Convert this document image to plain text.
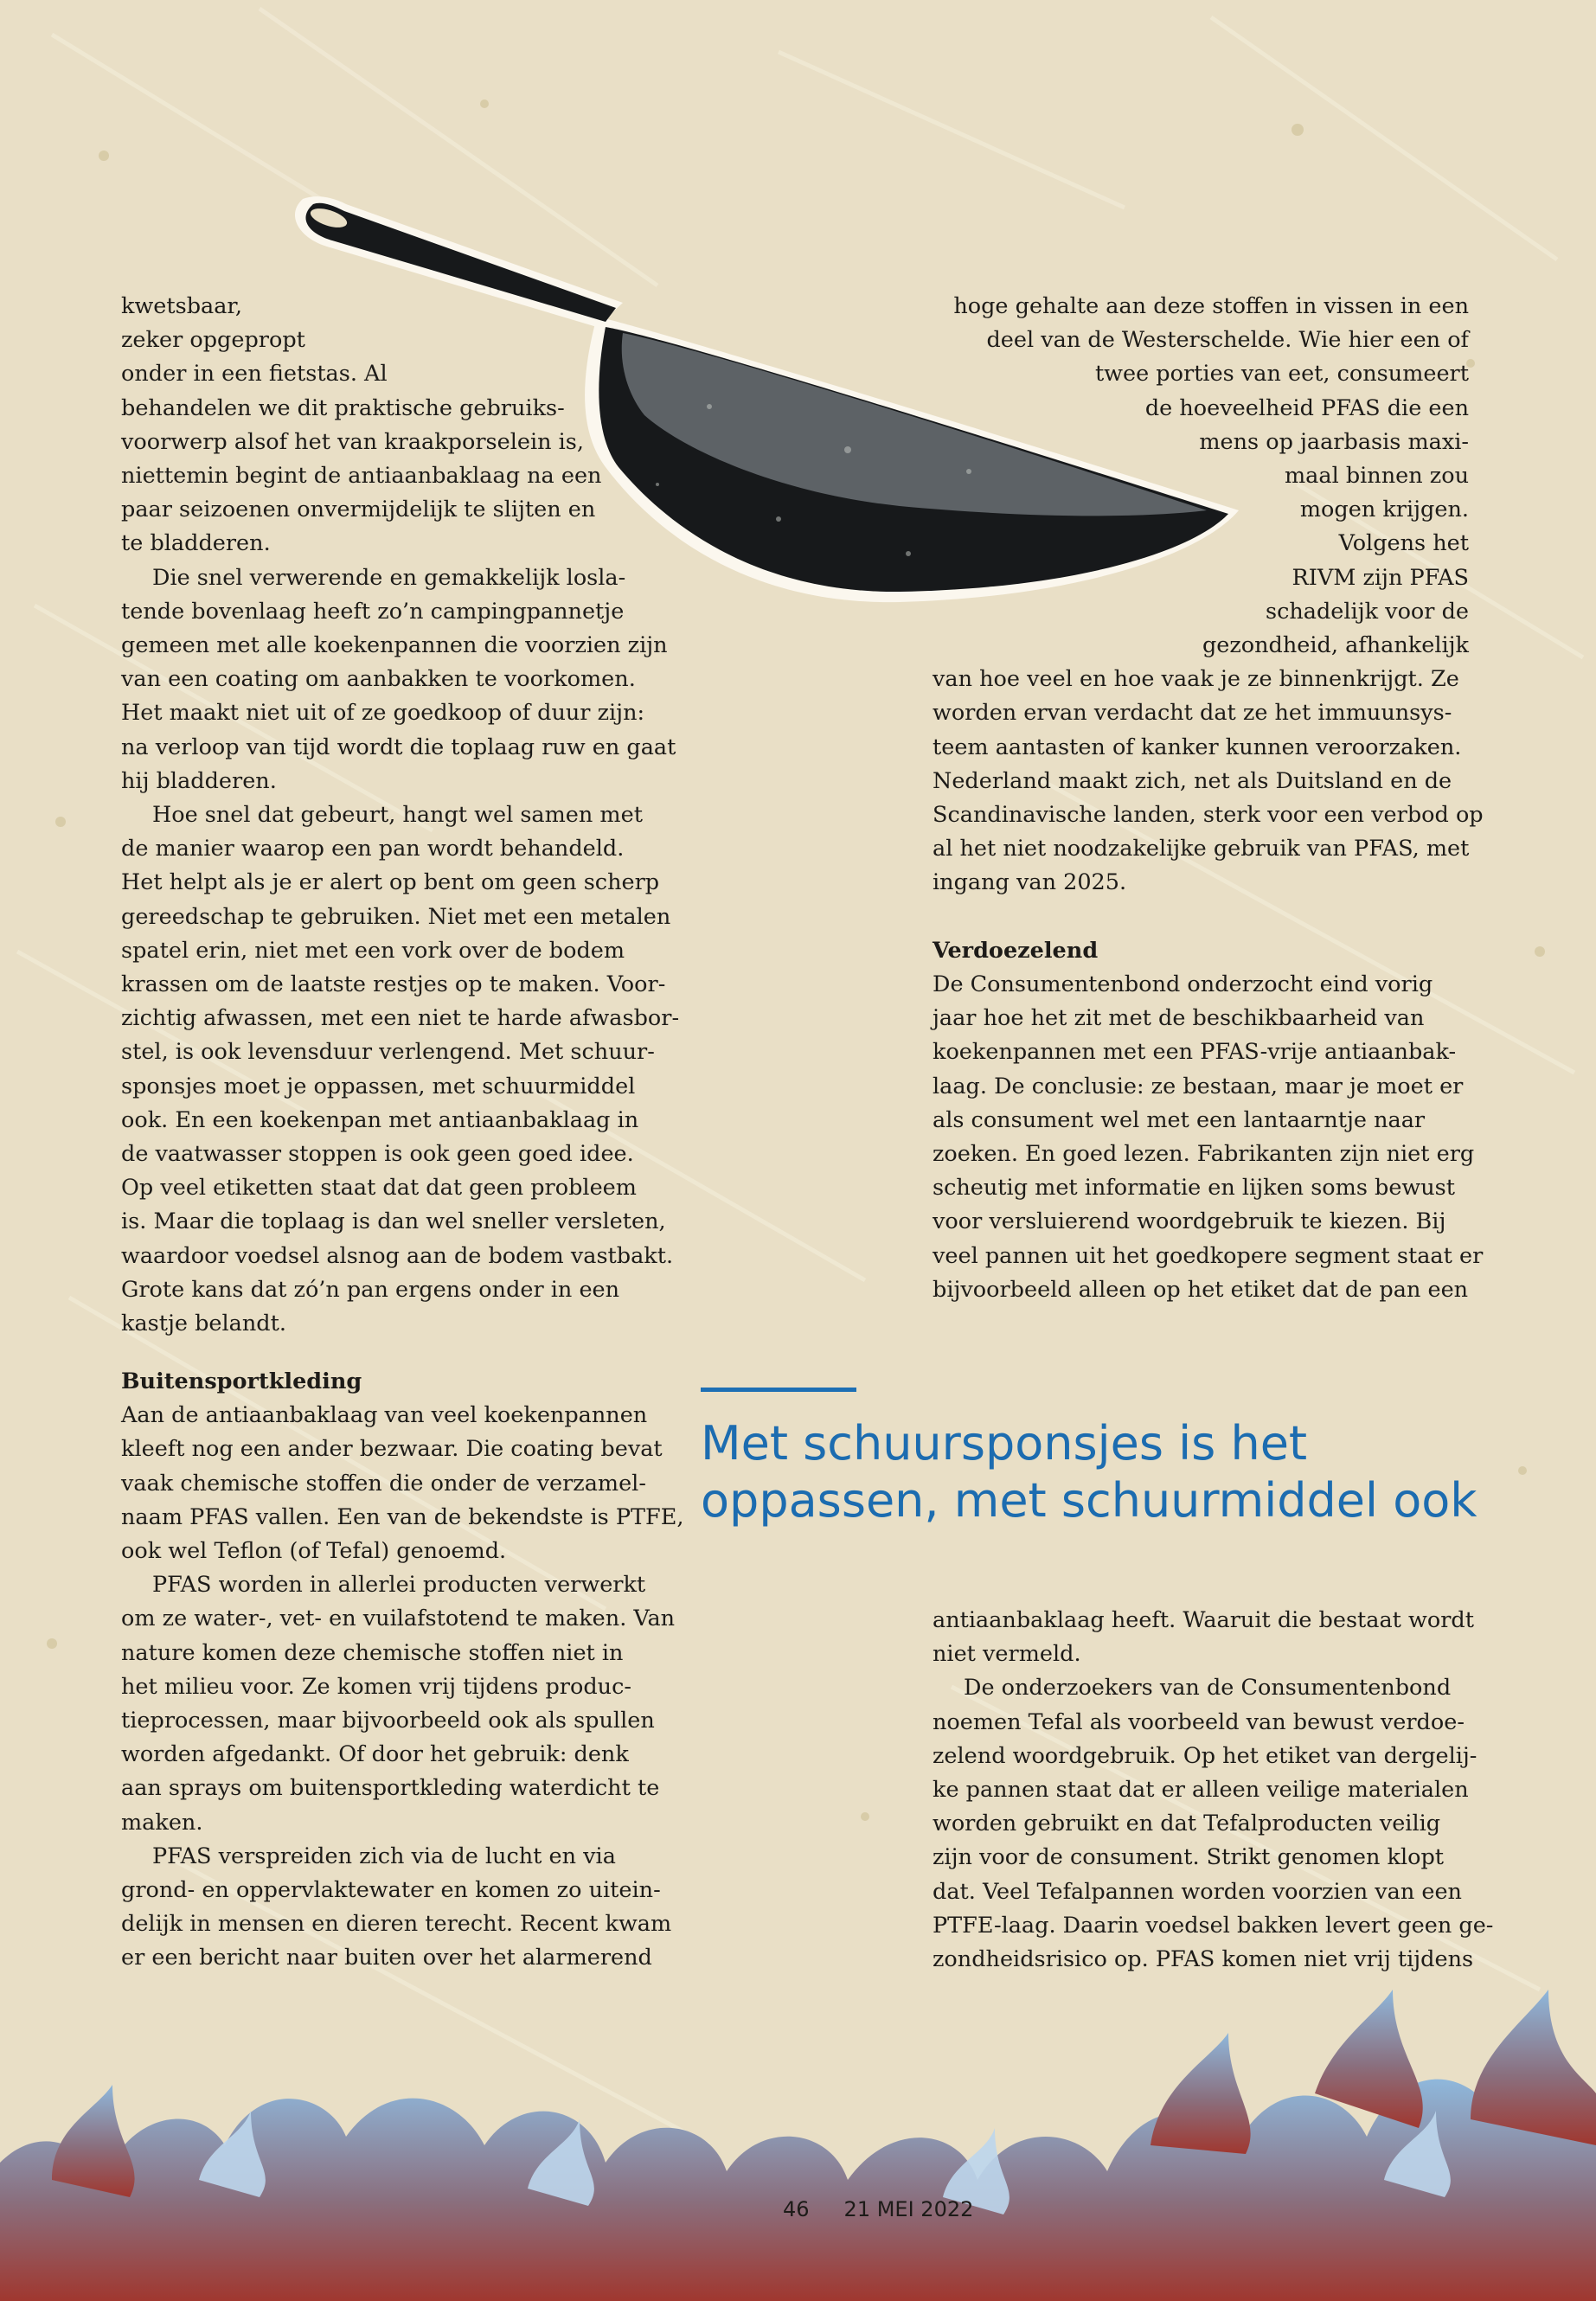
kwetsbaar,

zeker opgepropt

onder in een fietstas. Al

behandelen we dit praktische gebruiks-

voorwerp alsof het van kraakporselein is,

niettemin begint de antiaanbaklaag na een

paar seizoenen onvermijdelijk te slijten en

te bladderen.

Die snel verwerende en gemakkelijk losla-

tende bovenlaag heeft zo’n campingpannetje

gemeen met alle koekenpannen die voorzien zijn

van een coating om aanbakken te voorkomen.

Het maakt niet uit of ze goedkoop of duur zijn:

na verloop van tijd wordt die toplaag ruw en gaat

hij bladderen.

Hoe snel dat gebeurt, hangt wel samen met

de manier waarop een pan wordt behandeld.

Het helpt als je er alert op bent om geen scherp

gereedschap te gebruiken. Niet met een metalen

spatel erin, niet met een vork over de bodem

krassen om de laatste restjes op te maken. Voor-

zichtig afwassen, met een niet te harde afwasbor-

stel, is ook levensduur verlengend. Met schuur-

sponsjes moet je oppassen, met schuurmiddel

ook. En een koekenpan met antiaanbaklaag in

de vaatwasser stoppen is ook geen goed idee.

Op veel etiketten staat dat dat geen probleem

is. Maar die toplaag is dan wel sneller versleten,

waardoor voedsel alsnog aan de bodem vastbakt.

Grote kans dat zó’n pan ergens onder in een

kastje belandt.

Buitensportkleding

Aan de antiaanbaklaag van veel koekenpannen

kleeft nog een ander bezwaar. Die coating bevat

vaak chemische stoffen die onder de verzamel-

naam PFAS vallen. Een van de bekendste is PTFE,

ook wel Teflon (of Tefal) genoemd.

PFAS worden in allerlei producten verwerkt

om ze water-, vet- en vuilafstotend te maken. Van

nature komen deze chemische stoffen niet in

het milieu voor. Ze komen vrij tijdens produc-

tieprocessen, maar bijvoorbeeld ook als spullen

worden afgedankt. Of door het gebruik: denk

aan sprays om buitensportkleding waterdicht te

maken.

PFAS verspreiden zich via de lucht en via

grond- en oppervlaktewater en komen zo uitein-

delijk in mensen en dieren terecht. Recent kwam

er een bericht naar buiten over het alarmerend

hoge gehalte aan deze stoffen in vissen in een

deel van de Westerschelde. Wie hier een of

twee porties van eet, consumeert

de hoeveelheid PFAS die een

mens op jaarbasis maxi-

maal binnen zou

mogen krijgen.

Volgens het

RIVM zijn PFAS

schadelijk voor de

gezondheid, afhankelijk

van hoe veel en hoe vaak je ze binnenkrijgt. Ze

worden ervan verdacht dat ze het immuunsys-

teem aantasten of kanker kunnen veroorzaken.

Nederland maakt zich, net als Duitsland en de

Scandinavische landen, sterk voor een verbod op

al het niet noodzakelijke gebruik van PFAS, met

ingang van 2025.

Verdoezelend

De Consumentenbond onderzocht eind vorig

jaar hoe het zit met de beschikbaarheid van

koekenpannen met een PFAS-vrije antiaanbak-

laag. De conclusie: ze bestaan, maar je moet er

als consument wel met een lantaarntje naar

zoeken. En goed lezen. Fabrikanten zijn niet erg

scheutig met informatie en lijken soms bewust

voor versluierend woordgebruik te kiezen. Bij

veel pannen uit het goedkopere segment staat er

bijvoorbeeld alleen op het etiket dat de pan een

Met schuursponsjes is het
oppassen, met schuurmiddel ook

antiaanbaklaag heeft. Waaruit die bestaat wordt

niet vermeld.

De onderzoekers van de Consumentenbond

noemen Tefal als voorbeeld van bewust verdoe-

zelend woordgebruik. Op het etiket van dergelij-

ke pannen staat dat er alleen veilige materialen

worden gebruikt en dat Tefalproducten veilig

zijn voor de consument. Strikt genomen klopt

dat. Veel Tefalpannen worden voorzien van een

PTFE-laag. Daarin voedsel bakken levert geen ge-

zondheidsrisico op. PFAS komen niet vrij tijdens

46 21 MEI 2022
